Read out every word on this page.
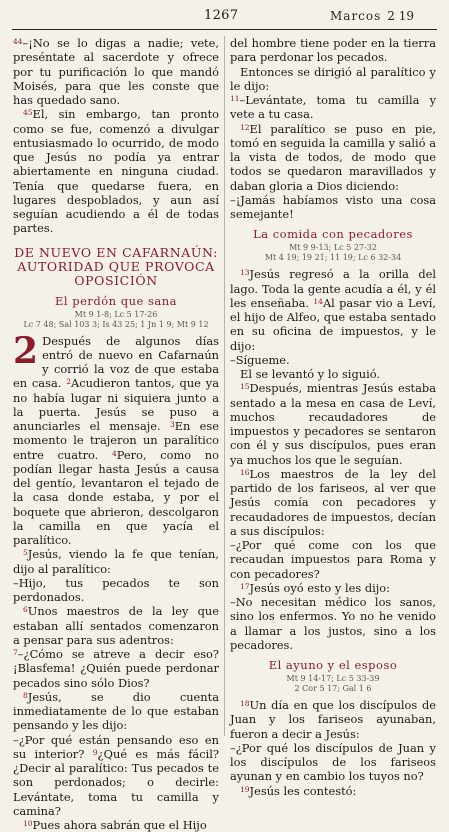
1267	Marcos 2 19

$^{44}$–¡No se lo digas a nadie; vete, preséntate al sacerdote y ofrece por tu purificación lo que mandó Moisés, para que les conste que has quedado sano.

$^{45}$El, sin embargo, tan pronto como se fue, comenzó a divulgar entusiasmado lo ocurrido, de modo que Jesús no podía ya entrar abiertamente en ninguna ciudad. Tenía que quedarse fuera, en lugares despoblados, y aun así seguían acudiendo a él de todas partes.

DE NUEVO EN CAFARNAÚN: AUTORIDAD QUE PROVOCA OPOSICIÓN
El perdón que sana
Mt 9 1-8; Lc 5 17-26
Lc 7 48; Sal 103 3; Is 43 25; 1 Jn 1 9; Mt 9 12

2 Después de algunos días entró de nuevo en Cafarnaún y corrió la voz de que estaba en casa. $^2$Acudieron tantos, que ya no había lugar ni siquiera junto a la puerta. Jesús se puso a anunciarles el mensaje. $^3$En ese momento le trajeron un paralítico entre cuatro. $^4$Pero, como no podían llegar hasta Jesús a causa del gentío, levantaron el tejado de la casa donde estaba, y por el boquete que abrieron, descolgaron la camilla en que yacía el paralítico.

$^5$Jesús, viendo la fe que tenían, dijo al paralítico:

–Hijo, tus pecados te son perdonados.

$^6$Unos maestros de la ley que estaban allí sentados comenzaron a pensar para sus adentros:

$^7$–¿Cómo se atreve a decir eso? ¡Blasfema! ¿Quién puede perdonar pecados sino sólo Dios?

$^8$Jesús, se dio cuenta inmediatamente de lo que estaban pensando y les dijo:

–¿Por qué están pensando eso en su interior? $^9$¿Qué es más fácil? ¿Decir al paralítico: Tus pecados te son perdonados; o decirle: Levántate, toma tu camilla y camina?

$^{10}$Pues ahora sabrán que el Hijo

del hombre tiene poder en la tierra para perdonar los pecados.

Entonces se dirigió al paralítico y le dijo:

$^{11}$–Levántate, toma tu camilla y vete a tu casa.

$^{12}$El paralítico se puso en pie, tomó en seguida la camilla y salió a la vista de todos, de modo que todos se quedaron maravillados y daban gloria a Dios diciendo:

–¡Jamás habíamos visto una cosa semejante!

La comida con pecadores
Mt 9 9-13; Lc 5 27-32
Mt 4 19; 19 21; 11 19; Lc 6 32-34

$^{13}$Jesús regresó a la orilla del lago. Toda la gente acudía a él, y él les enseñaba. $^{14}$Al pasar vio a Leví, el hijo de Alfeo, que estaba sentado en su oficina de impuestos, y le dijo:

–Sígueme.

El se levantó y lo siguió.

$^{15}$Después, mientras Jesús estaba sentado a la mesa en casa de Leví, muchos recaudadores de impuestos y pecadores se sentaron con él y sus discípulos, pues eran ya muchos los que le seguían.

$^{16}$Los maestros de la ley del partido de los fariseos, al ver que Jesús comía con pecadores y recaudadores de impuestos, decían a sus discípulos:

–¿Por qué come con los que recaudan impuestos para Roma y con pecadores?

$^{17}$Jesús oyó esto y les dijo:

–No necesitan médico los sanos, sino los enfermos. Yo no he venido a llamar a los justos, sino a los pecadores.

El ayuno y el esposo
Mt 9 14-17; Lc 5 33-39
2 Cor 5 17; Gal 1 6

$^{18}$Un día en que los discípulos de Juan y los fariseos ayunaban, fueron a decir a Jesús:

–¿Por qué los discípulos de Juan y los discípulos de los fariseos ayunan y en cambio los tuyos no?

$^{19}$Jesús les contestó:
